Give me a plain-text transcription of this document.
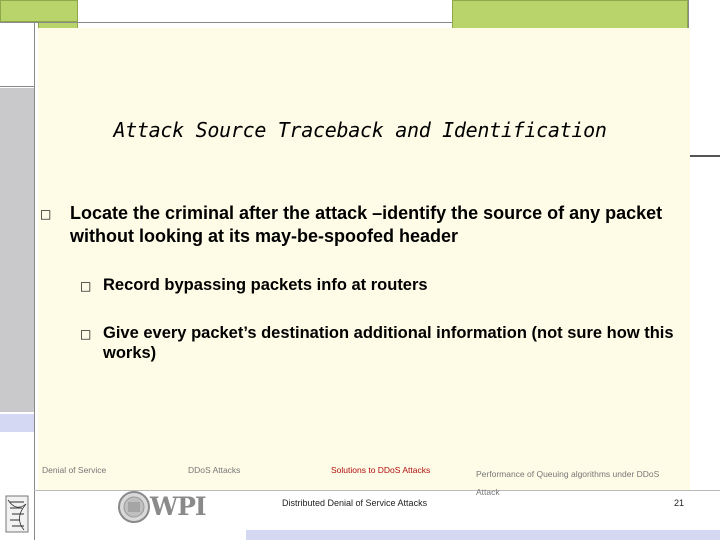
Attack Source Traceback and Identification
□ Locate the criminal after the attack –identify the source of any packet without looking at its may-be-spoofed header
□ Record bypassing packets info at routers
□ Give every packet’s destination additional information (not sure how this works)
Denial of Service	DDoS Attacks	Solutions to DDoS Attacks	Performance of Queuing algorithms under DDoS Attack
WPI	Distributed Denial of Service Attacks	21
